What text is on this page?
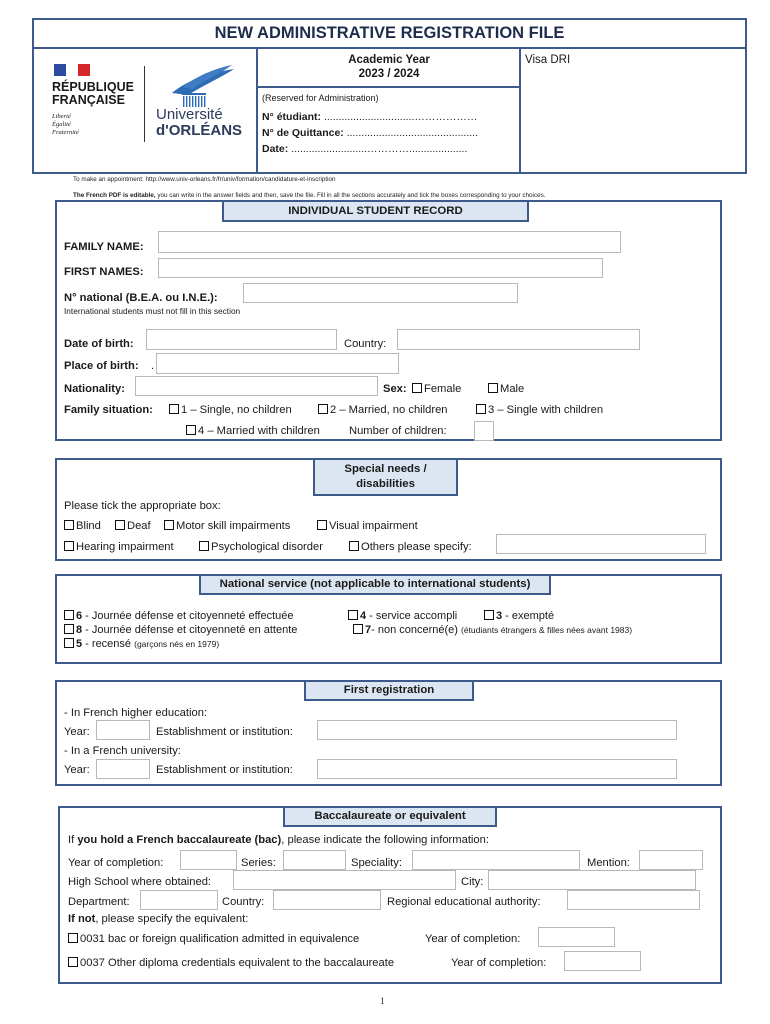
NEW ADMINISTRATIVE REGISTRATION FILE
RÉPUBLIQUE
FRANÇAISE
Liberté
Égalité
Fraternité
Université
d'ORLÉANS
Academic Year
2023 / 2024
Visa DRI
(Reserved for Administration)
N° étudiant: ...............................………………
N° de Quittance: .............................................
Date: ..........................…………....................
To make an appointment: http://www.univ-orleans.fr/fr/univ/formation/candidature-et-inscription
The French PDF is editable, you can write in the answer fields and then, save the file. Fill in all the sections accurately and tick the boxes corresponding to your choices.
INDIVIDUAL STUDENT RECORD
FAMILY NAME:
FIRST NAMES:
N° national (B.E.A. ou I.N.E.):
International students must not fill in this section
Date of birth:	Country:
Place of birth: .
Nationality:	Sex:	Female	Male
Family situation:	1 – Single, no children	2 – Married, no children	3 – Single with children
4 – Married with children	Number of children:
Special needs /
disabilities
Please tick the appropriate box:
Blind	Deaf	Motor skill impairments	Visual impairment
Hearing impairment	Psychological disorder	Others please specify:
National service (not applicable to international students)
6 - Journée défense et citoyenneté effectuée	4 - service accompli	3 - exempté
8 - Journée défense et citoyenneté en attente	7- non concerné(e) (étudiants étrangers & filles nées avant 1983)
5 - recensé (garçons nés en 1979)
First registration
- In French higher education:
Year:	Establishment or institution:
- In a French university:
Year:	Establishment or institution:
Baccalaureate or equivalent
If you hold a French baccalaureate (bac), please indicate the following information:
Year of completion:	Series:	Speciality:	Mention:
High School where obtained:	City:
Department:	Country:	Regional educational authority:
If not, please specify the equivalent:
0031 bac or foreign qualification admitted in equivalence	Year of completion:
0037 Other diploma credentials equivalent to the baccalaureate	Year of completion:
1
